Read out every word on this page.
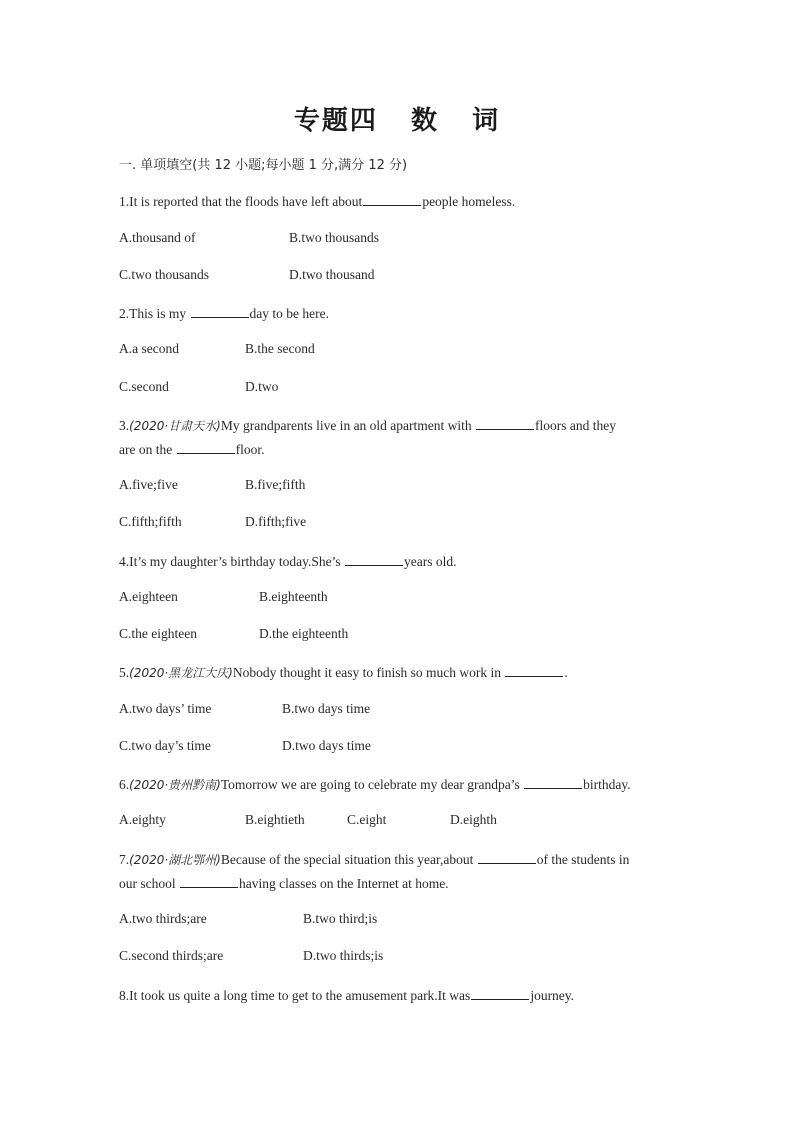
专题四 数 词
一. 单项填空(共 12 小题;每小题 1 分,满分 12 分)
1.It is reported that the floods have left about	people homeless.
A.thousand of	B.two thousands
C.two thousands	D.two thousand
2.This is my	day to be here.
A.a second	B.the second
C.second	D.two
3.(2020·甘肃天水)My grandparents live in an old apartment with	floors and they
are on the	floor.
A.five;five	B.five;fifth
C.fifth;fifth	D.fifth;five
4.It’s my daughter’s birthday today.She’s	years old.
A.eighteen	B.eighteenth
C.the eighteen	D.the eighteenth
5.(2020·黑龙江大庆)Nobody thought it easy to finish so much work in	.
A.two days’ time	B.two days time
C.two day’s time	D.two days time
6.(2020·贵州黔南)Tomorrow we are going to celebrate my dear grandpa’s	birthday.
A.eighty	B.eightieth	C.eight	D.eighth
7.(2020·湖北鄂州)Because of the special situation this year,about	of the students in
our school	having classes on the Internet at home.
A.two thirds;are	B.two third;is
C.second thirds;are	D.two thirds;is
8.It took us quite a long time to get to the amusement park.It was	journey.
